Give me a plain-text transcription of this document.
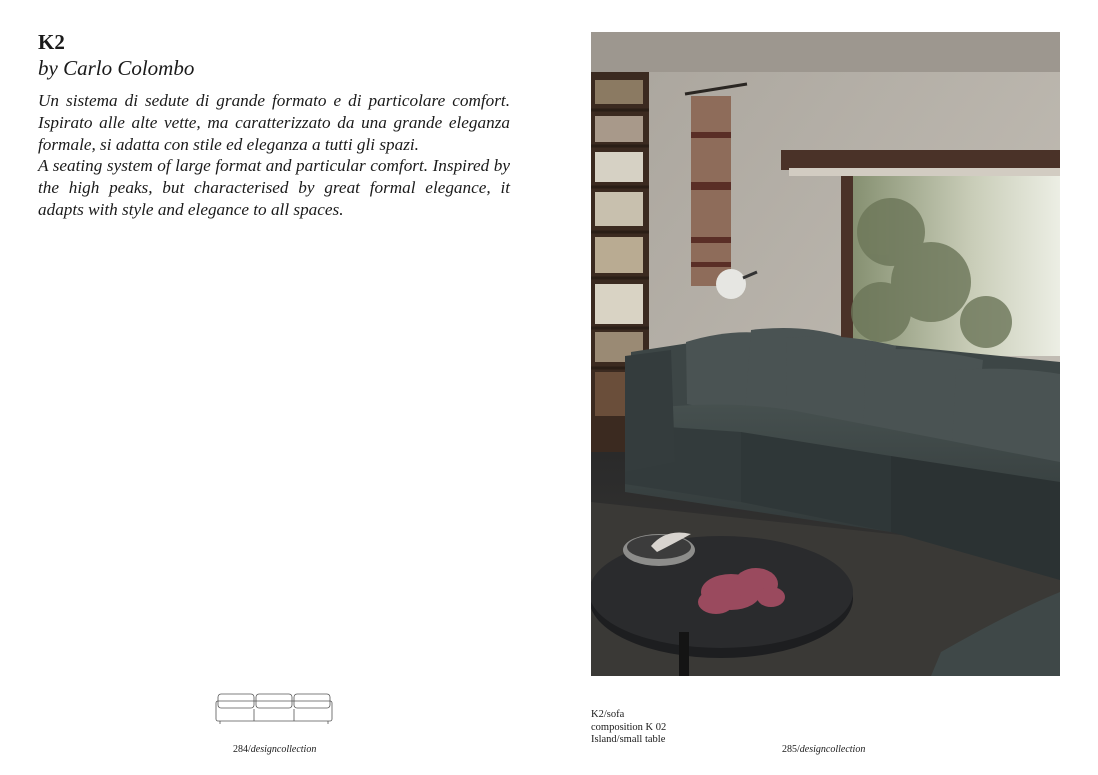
K2
by Carlo Colombo

Un sistema di sedute di grande formato e di particolare comfort. Ispirato alle alte vette, ma caratterizzato da una grande eleganza formale, si adatta con stile ed eleganza a tutti gli spazi.

A seating system of large format and particular comfort. Inspired by the high peaks, but characterised by great formal elegance, it adapts with style and elegance to all spaces.

284/designcollection
K2/sofa
composition K 02
Island/small table
285/designcollection
